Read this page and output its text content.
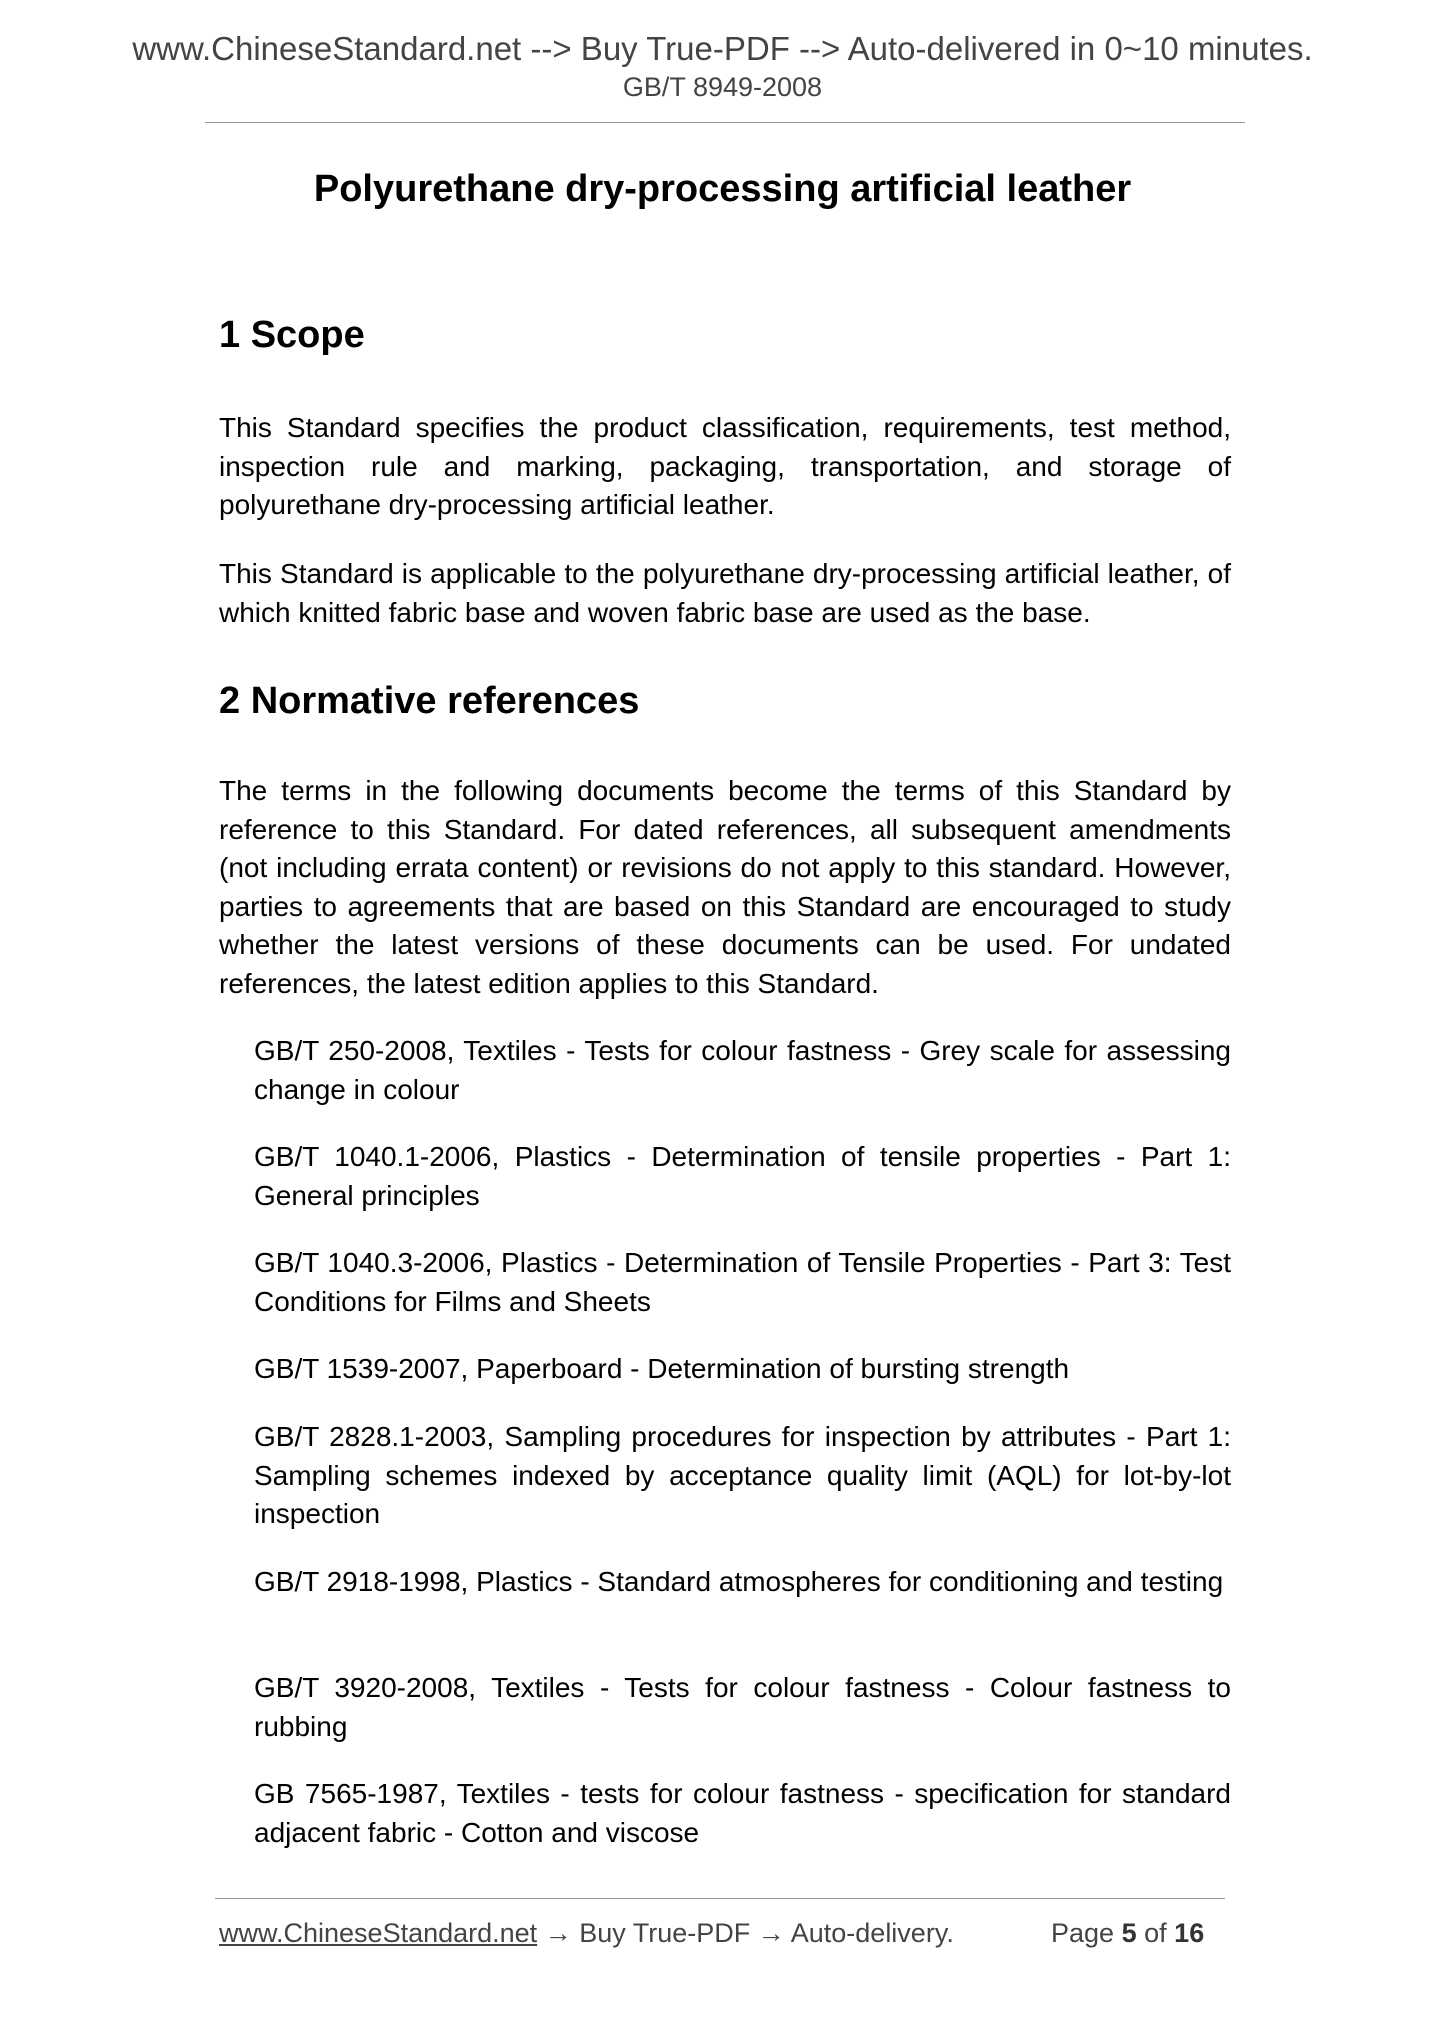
www.ChineseStandard.net --> Buy True-PDF --> Auto-delivered in 0~10 minutes.
GB/T 8949-2008
Polyurethane dry-processing artificial leather
1 Scope
This Standard specifies the product classification, requirements, test method, inspection rule and marking, packaging, transportation, and storage of polyurethane dry-processing artificial leather.
This Standard is applicable to the polyurethane dry-processing artificial leather, of which knitted fabric base and woven fabric base are used as the base.
2 Normative references
The terms in the following documents become the terms of this Standard by reference to this Standard. For dated references, all subsequent amendments (not including errata content) or revisions do not apply to this standard. However, parties to agreements that are based on this Standard are encouraged to study whether the latest versions of these documents can be used. For undated references, the latest edition applies to this Standard.
GB/T 250-2008, Textiles - Tests for colour fastness - Grey scale for assessing change in colour
GB/T 1040.1-2006, Plastics - Determination of tensile properties - Part 1: General principles
GB/T 1040.3-2006, Plastics - Determination of Tensile Properties - Part 3: Test Conditions for Films and Sheets
GB/T 1539-2007, Paperboard - Determination of bursting strength
GB/T 2828.1-2003, Sampling procedures for inspection by attributes - Part 1: Sampling schemes indexed by acceptance quality limit (AQL) for lot-by-lot inspection
GB/T 2918-1998, Plastics - Standard atmospheres for conditioning and testing
GB/T 3920-2008, Textiles - Tests for colour fastness - Colour fastness to rubbing
GB 7565-1987, Textiles - tests for colour fastness - specification for standard adjacent fabric - Cotton and viscose
www.ChineseStandard.net → Buy True-PDF → Auto-delivery.	Page 5 of 16
